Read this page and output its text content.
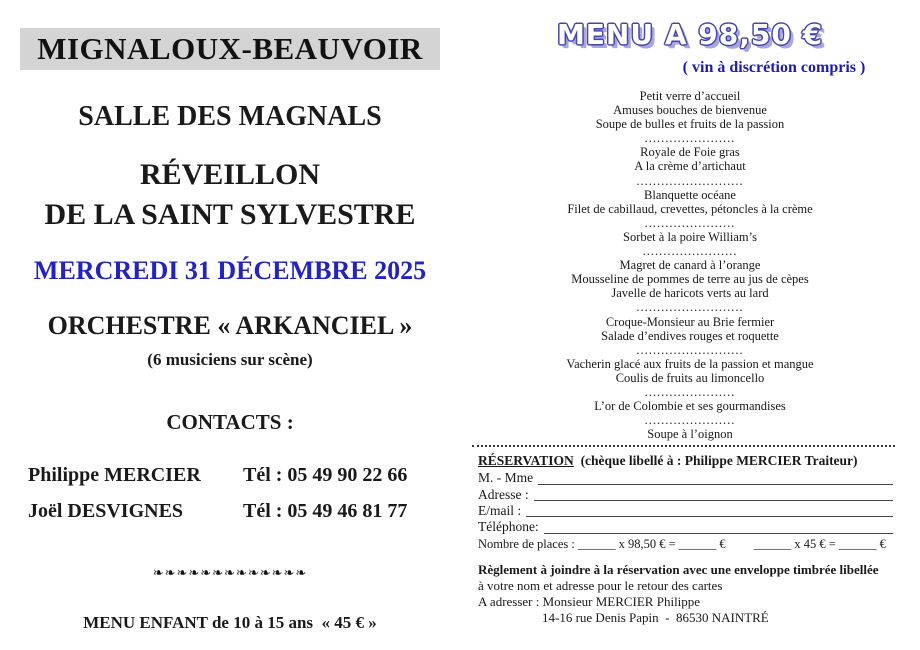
MIGNALOUX-BEAUVOIR
SALLE DES MAGNALS
RÉVEILLON
DE LA SAINT SYLVESTRE
MERCREDI 31 DÉCEMBRE 2025
ORCHESTRE « ARKANCIEL »
(6 musiciens sur scène)
CONTACTS :
Philippe MERCIER	Tél : 05 49 90 22 66
Joël DESVIGNES	Tél : 05 49 46 81 77
❧❧❧❧❧❧❧❧❧❧❧❧❧
MENU ENFANT de 10 à 15 ans  « 45 € »
MENU A 98,50 €
( vin à discrétion compris )
Petit verre d’accueil
Amuses bouches de bienvenue
Soupe de bulles et fruits de la passion
......................
Royale de Foie gras
A la crème d’artichaut
..........................
Blanquette océane
Filet de cabillaud, crevettes, pétoncles à la crème
......................
Sorbet à la poire William’s
.......................
Magret de canard à l’orange
Mousseline de pommes de terre au jus de cèpes
Javelle de haricots verts au lard
..........................
Croque-Monsieur au Brie fermier
Salade d’endives rouges et roquette
..........................
Vacherin glacé aux fruits de la passion et mangue
Coulis de fruits au limoncello
......................
L’or de Colombie et ses gourmandises
......................
Soupe à l’oignon
RÉSERVATION  (chèque libellé à : Philippe MERCIER Traiteur)
M. - Mme
Adresse :
E/mail :
Téléphone:
Nombre de places : ______ x 98,50 € = ______ €         ______ x 45 € = ______ €
Règlement à joindre à la réservation avec une enveloppe timbrée libellée
à votre nom et adresse pour le retour des cartes
A adresser : Monsieur MERCIER Philippe
14-16 rue Denis Papin  -  86530 NAINTRÉ
